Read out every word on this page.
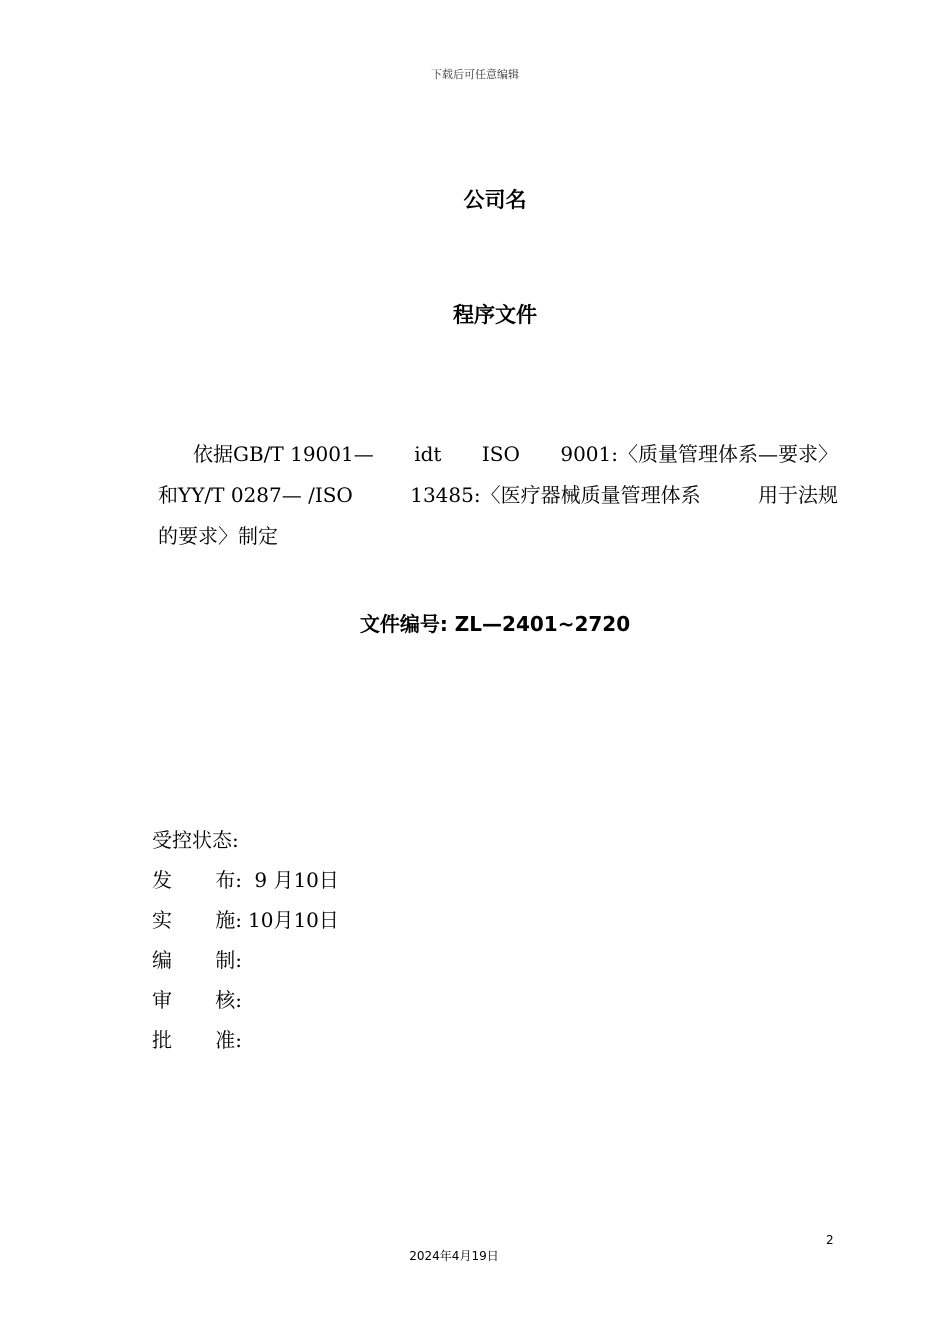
下载后可任意编辑
公司名
程序文件
依据GB/T 19001— idt ISO 9001:〈质量管理体系—要求〉
和YY/T 0287— /ISO	13485:〈医疗器械质量管理体系	用于法规
的要求〉制定
文件编号: ZL—2401~2720
受控状态:
发 布: 9 月10日
实 施: 10月10日
编 制:
审 核:
批 准:
2
2024年4月19日
